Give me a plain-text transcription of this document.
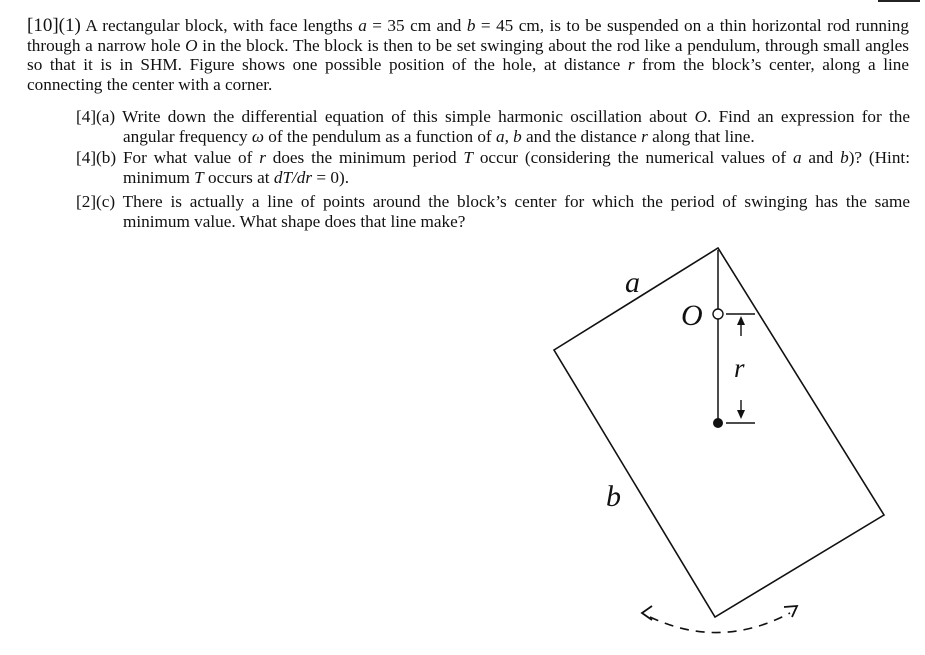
[10](1) A rectangular block, with face lengths a = 35 cm and b = 45 cm, is to be suspended on a thin horizontal rod running through a narrow hole O in the block. The block is then to be set swinging about the rod like a pendulum, through small angles so that it is in SHM. Figure shows one possible position of the hole, at distance r from the block’s center, along a line connecting the center with a corner.

[4](a) Write down the differential equation of this simple harmonic oscillation about O. Find an expression for the angular frequency ω of the pendulum as a function of a, b and the distance r along that line.

[4](b) For what value of r does the minimum period T occur (considering the numerical values of a and b)? (Hint: minimum T occurs at dT/dr = 0).

[2](c) There is actually a line of points around the block’s center for which the period of swinging has the same minimum value. What shape does that line make?

a
b
O
r
